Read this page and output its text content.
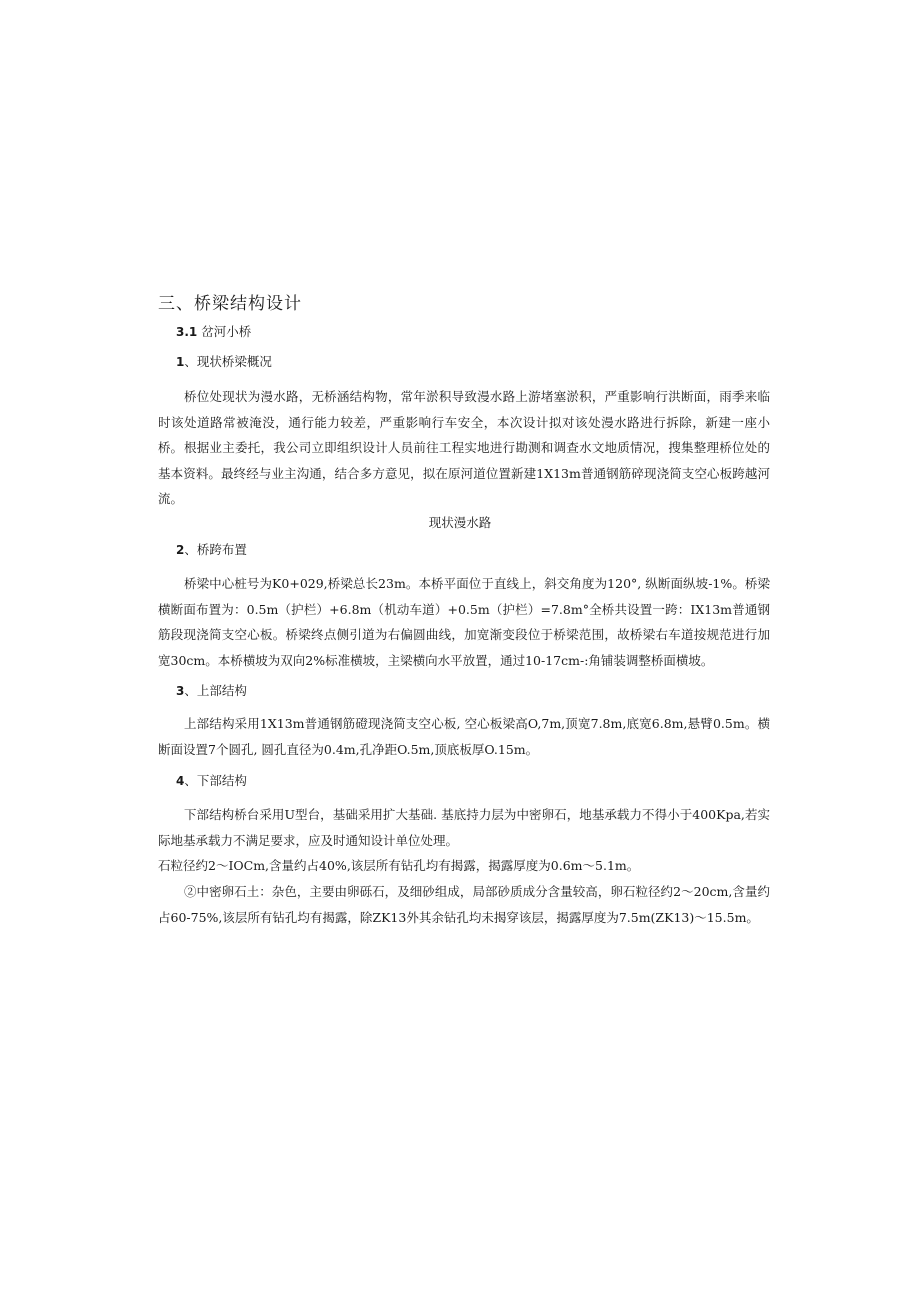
三、桥梁结构设计
3.1 岔河小桥
1、现状桥梁概况

桥位处现状为漫水路，无桥涵结构物，常年淤积导致漫水路上游堵塞淤积，严重影响行洪断面，雨季来临时该处道路常被淹没，通行能力较差，严重影响行车安全，本次设计拟对该处漫水路进行拆除，新建一座小桥。 根据业主委托，我公司立即组织设计人员前往工程实地进行勘测和调查水文地质情况，搜集整理桥位处的基本资料。最终经与业主沟通，结合多方意见，拟在原河道位置新建1X13m普通钢筋碎现浇简支空心板跨越河流。

现状漫水路

2、桥跨布置

桥梁中心桩号为K0+029,桥梁总长23m。本桥平面位于直线上，斜交角度为120°, 纵断面纵坡-1%。桥梁横断面布置为：0.5m（护栏）+6.8m（机动车道）+0.5m（护栏）=7.8m°全桥共设置一跨：IX13m普通钢筋段现浇简支空心板。桥梁终点侧引道为右偏圆曲线，加宽渐变段位于桥梁范围，故桥梁右车道按规范进行加宽30cm。本桥横坡为双向2%标准横坡，主梁横向水平放置，通过10-17cm-:角铺装调整桥面横坡。

3、上部结构

上部结构采用1X13m普通钢筋磴现浇简支空心板, 空心板梁高O,7m,顶宽7.8m,底宽6.8m,悬臂0.5m。横断面设置7个圆孔, 圆孔直径为0.4m,孔净距O.5m,顶底板厚O.15m。

4、下部结构

下部结构桥台采用U型台，基础采用扩大基础. 基底持力层为中密卵石，地基承载力不得小于400Kpa,若实际地基承载力不满足要求，应及时通知设计单位处理。

石粒径约2～IOCm,含量约占40%,该层所有钻孔均有揭露，揭露厚度为0.6m～5.1m。

②中密卵石土：杂色，主要由卵砾石，及细砂组成，局部砂质成分含量较高，卵石粒径约2～20cm,含量约占60-75%,该层所有钻孔均有揭露，除ZK13外其余钻孔均未揭穿该层，揭露厚度为7.5m(ZK13)～15.5m。
